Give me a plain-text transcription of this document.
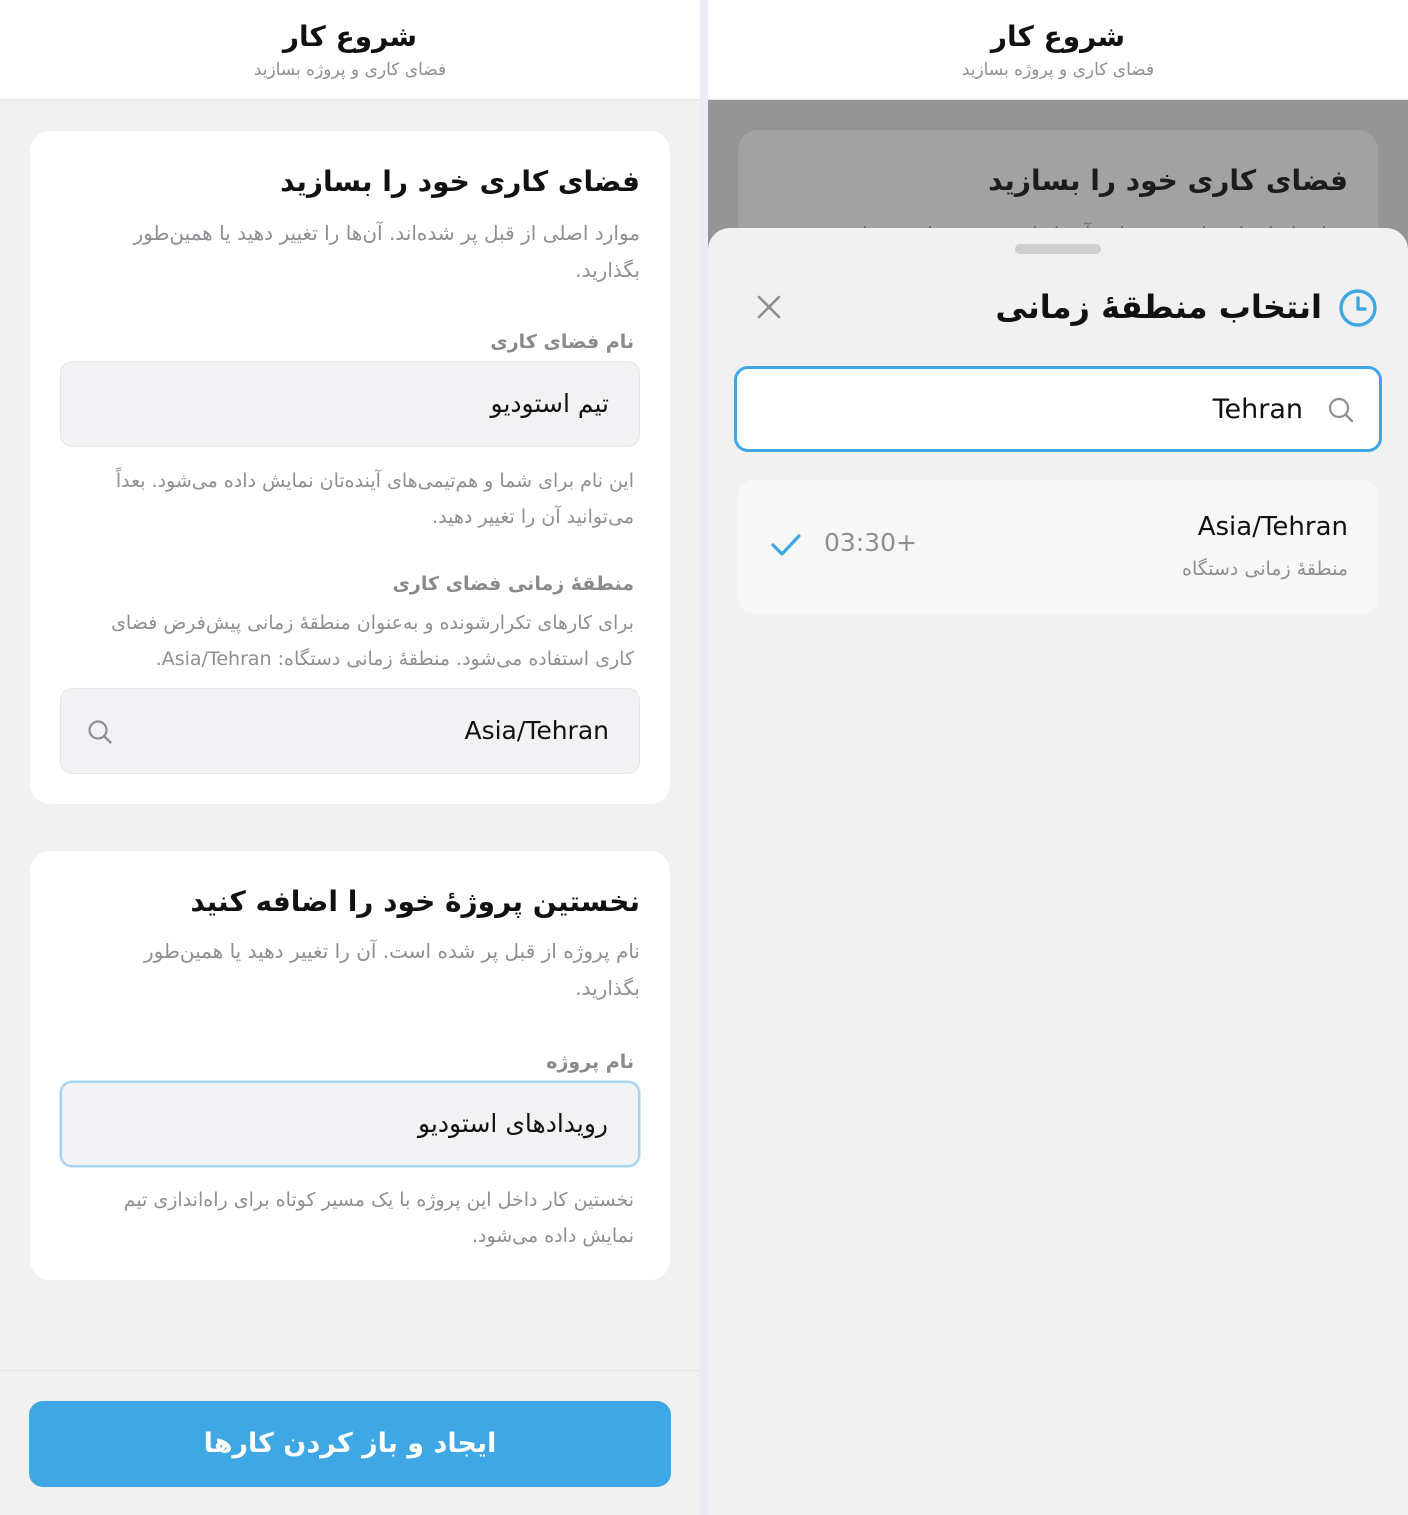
شروع کار
فضای کاری و پروژه بسازید
فضای کاری خود را بسازید
موارد اصلی از قبل پر شده‌اند. آن‌ها را تغییر دهید یا همین‌طور بگذارید.
نام فضای کاری
تیم استودیو
این نام برای شما و هم‌تیمی‌های آینده‌تان نمایش داده می‌شود. بعداً می‌توانید آن را تغییر دهید.
منطقهٔ زمانی فضای کاری
برای کارهای تکرارشونده و به‌عنوان منطقهٔ زمانی پیش‌فرض فضای کاری استفاده می‌شود. منطقهٔ زمانی دستگاه: Asia/Tehran.
Asia/Tehran
نخستین پروژهٔ خود را اضافه کنید
نام پروژه از قبل پر شده است. آن را تغییر دهید یا همین‌طور بگذارید.
نام پروژه
رویدادهای استودیو
نخستین کار داخل این پروژه با یک مسیر کوتاه برای راه‌اندازی تیم نمایش داده می‌شود.
ایجاد و باز کردن کارها
شروع کار
فضای کاری و پروژه بسازید
فضای کاری خود را بسازید
انتخاب منطقهٔ زمانی
Tehran
Asia/Tehran
منطقهٔ زمانی دستگاه
+03:30
